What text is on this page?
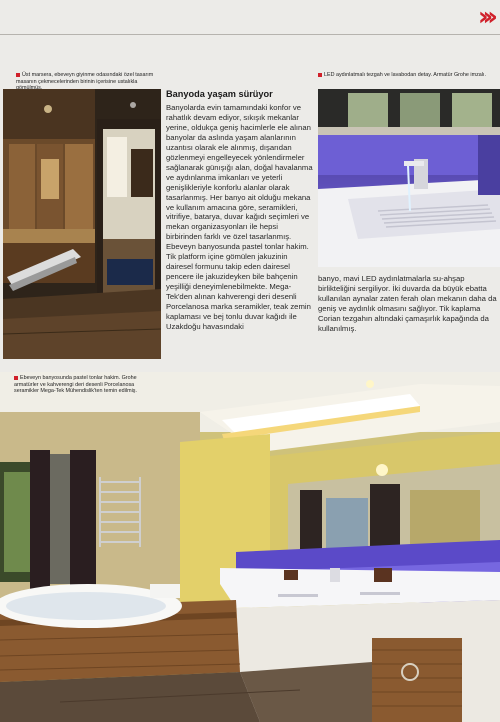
›››
Üst marsera, ebeveyn giyinme odasındaki özel tasarım masanın çekmecelerinden birinin içerisine ustalıkla
LED aydınlatmalı tezgah ve lavabodan detay. Armatür Grohe imzalı.
Banyoda yaşam sürüyor

Banyolarda evin tamamındaki konfor ve rahatlık devam ediyor, sıkışık mekanlar yerine, oldukça geniş hacimlerle ele alınan banyolar da aslında yaşam alanlarının uzantısı olarak ele alınmış, dışarıdan gözlenmeyi engelleyecek yönlendirmeler sağlanarak günışığı alan, doğal havalanma ve aydınlanma imkanları ve yeterli genişlikleriyle konforlu alanlar olarak tasarlanmış. Her banyo ait olduğu mekana ve kullanım amacına göre, seramikleri, vitrifiye, batarya, duvar kağıdı seçimleri ve mekan organizasyonları ile hepsi birbirinden farklı ve özel tasarlanmış. Ebeveyn banyosunda pastel tonlar hakim. Tik platform içine gömülen jakuzinin dairesel formunu takip eden dairesel pencere ile jakuzideyken bile bahçenin yeşilliği deneyimlenebilmekte. Mega-Tek'den alınan kahverengi deri desenli Porcelanosa marka seramikler, teak zemin kaplaması ve bej tonlu duvar kağıdı ile Uzakdoğu havasındaki

banyo, mavi LED aydınlatmalarla su-ahşap birlikteliğini sergiliyor. İki duvarda da büyük ebatta kullanılan aynalar zaten ferah olan mekanın daha da geniş ve aydınlık olmasını sağlıyor. Tik kaplama Corian tezgahın altındaki çamaşırlık kapağında da kullanılmış.
Ebeveyn banyosunda pastel tonlar hakim. Grohe armatürler ve kahverengi deri desenli Porcelanosa seramikler Mega-Tek Mühendislik'ten temin edilmiş.
